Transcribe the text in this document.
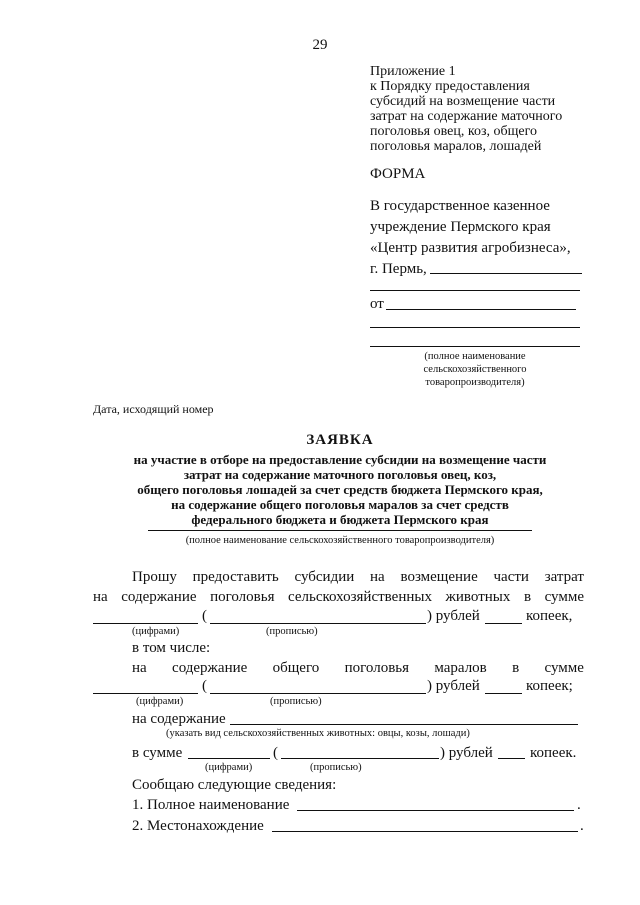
29
Приложение 1
к Порядку предоставления
субсидий на возмещение части
затрат на содержание маточного
поголовья овец, коз, общего
поголовья маралов, лошадей
ФОРМА
В государственное казенное
учреждение Пермского края
«Центр развития агробизнеса»,
г. Пермь,
от
(полное наименование
сельскохозяйственного
товаропроизводителя)
Дата, исходящий номер
ЗАЯВКА
на участие в отборе на предоставление субсидии на возмещение части
затрат на содержание маточного поголовья овец, коз,
общего поголовья лошадей за счет средств бюджета Пермского края,
на содержание общего поголовья маралов за счет средств
федерального бюджета и бюджета Пермского края
(полное наименование сельскохозяйственного товаропроизводителя)
Прошу предоставить субсидии на возмещение части затрат
на содержание поголовья сельскохозяйственных животных в сумме
(	) рублей	копеек,
(цифрами)	(прописью)
в том числе:
на содержание общего поголовья маралов в сумме
(	) рублей	копеек;
(цифрами)	(прописью)
на содержание
(указать вид сельскохозяйственных животных: овцы, козы, лошади)
в сумме	(	) рублей копеек.
(цифрами)	(прописью)
Сообщаю следующие сведения:
1. Полное наименование	.
2. Местонахождение	.
